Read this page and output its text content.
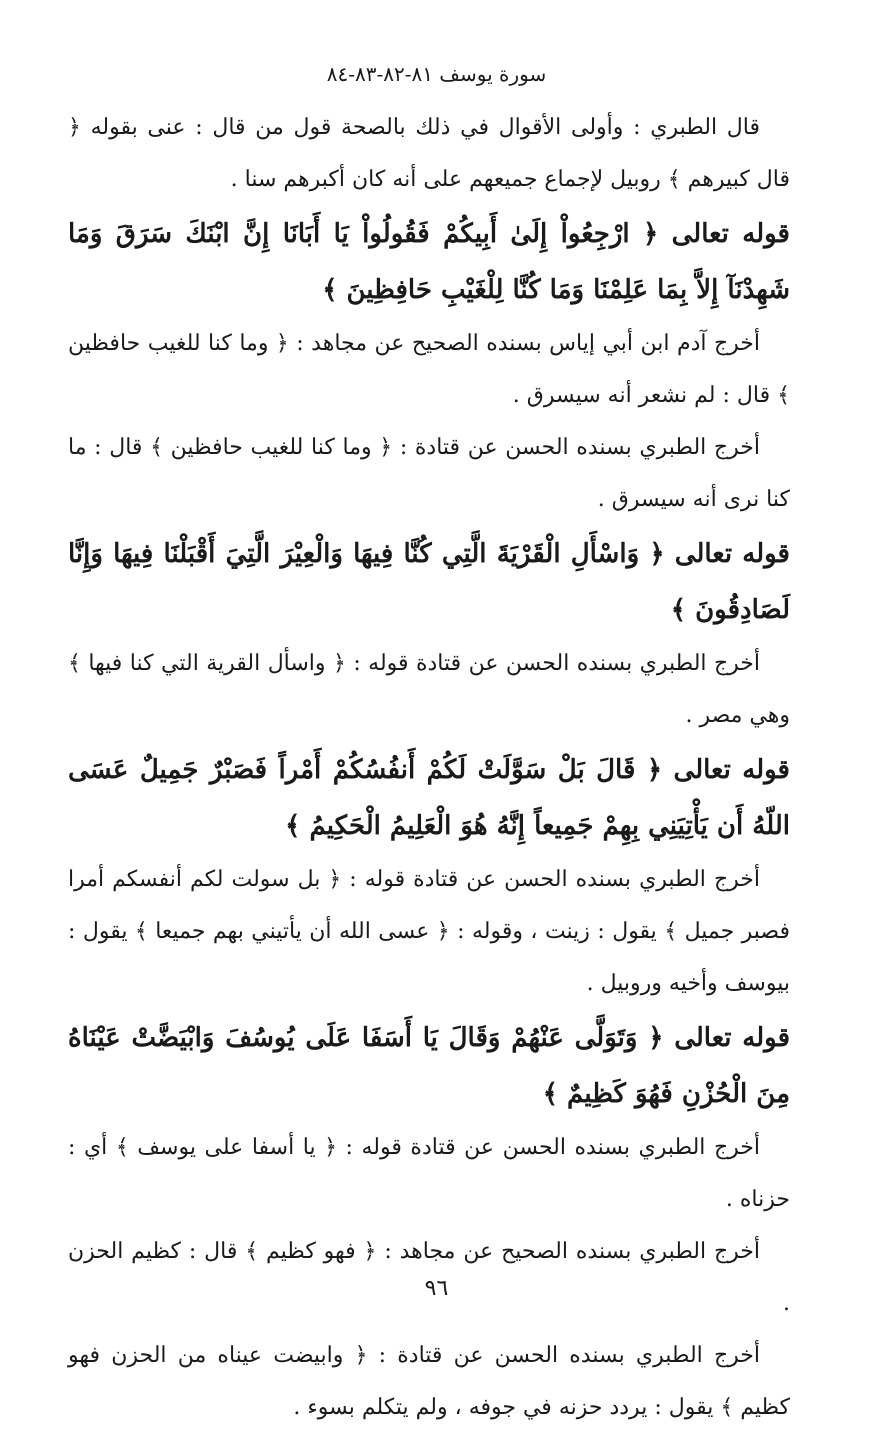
سورة يوسف ٨١-٨٢-٨٣-٨٤

قال الطبري : وأولى الأقوال في ذلك بالصحة قول من قال : عنى بقوله ﴿ قال كبيرهم ﴾ روبيل لإجماع جميعهم على أنه كان أكبرهم سنا .

قوله تعالى ﴿ ارْجِعُواْ إِلَىٰ أَبِيكُمْ فَقُولُواْ يَا أَبَانَا إِنَّ ابْنَكَ سَرَقَ وَمَا شَهِدْنَآ إِلاَّ بِمَا عَلِمْنَا وَمَا كُنَّا لِلْغَيْبِ حَافِظِينَ ﴾

أخرج آدم ابن أبي إياس بسنده الصحيح عن مجاهد : ﴿ وما كنا للغيب حافظين ﴾ قال : لم نشعر أنه سيسرق .

أخرج الطبري بسنده الحسن عن قتادة : ﴿ وما كنا للغيب حافظين ﴾ قال : ما كنا نرى أنه سيسرق .

قوله تعالى ﴿ وَاسْأَلِ الْقَرْيَةَ الَّتِي كُنَّا فِيهَا وَالْعِيْرَ الَّتِيَ أَقْبَلْنَا فِيهَا وَإِنَّا لَصَادِقُونَ ﴾

أخرج الطبري بسنده الحسن عن قتادة قوله : ﴿ واسأل القرية التي كنا فيها ﴾ وهي مصر .

قوله تعالى ﴿ قَالَ بَلْ سَوَّلَتْ لَكُمْ أَنفُسُكُمْ أَمْراً فَصَبْرٌ جَمِيلٌ عَسَى اللّهُ أَن يَأْتِيَنِي بِهِمْ جَمِيعاً إِنَّهُ هُوَ الْعَلِيمُ الْحَكِيمُ ﴾

أخرج الطبري بسنده الحسن عن قتادة قوله : ﴿ بل سولت لكم أنفسكم أمرا فصبر جميل ﴾ يقول : زينت ، وقوله : ﴿ عسى الله أن يأتيني بهم جميعا ﴾ يقول : بيوسف وأخيه وروبيل .

قوله تعالى ﴿ وَتَوَلَّى عَنْهُمْ وَقَالَ يَا أَسَفَا عَلَى يُوسُفَ وَابْيَضَّتْ عَيْنَاهُ مِنَ الْحُزْنِ فَهُوَ كَظِيمٌ ﴾

أخرج الطبري بسنده الحسن عن قتادة قوله : ﴿ يا أسفا على يوسف ﴾ أي : حزناه .

أخرج الطبري بسنده الصحيح عن مجاهد : ﴿ فهو كظيم ﴾ قال : كظيم الحزن .

أخرج الطبري بسنده الحسن عن قتادة : ﴿ وابيضت عيناه من الحزن فهو كظيم ﴾ يقول : يردد حزنه في جوفه ، ولم يتكلم بسوء .

٩٦
